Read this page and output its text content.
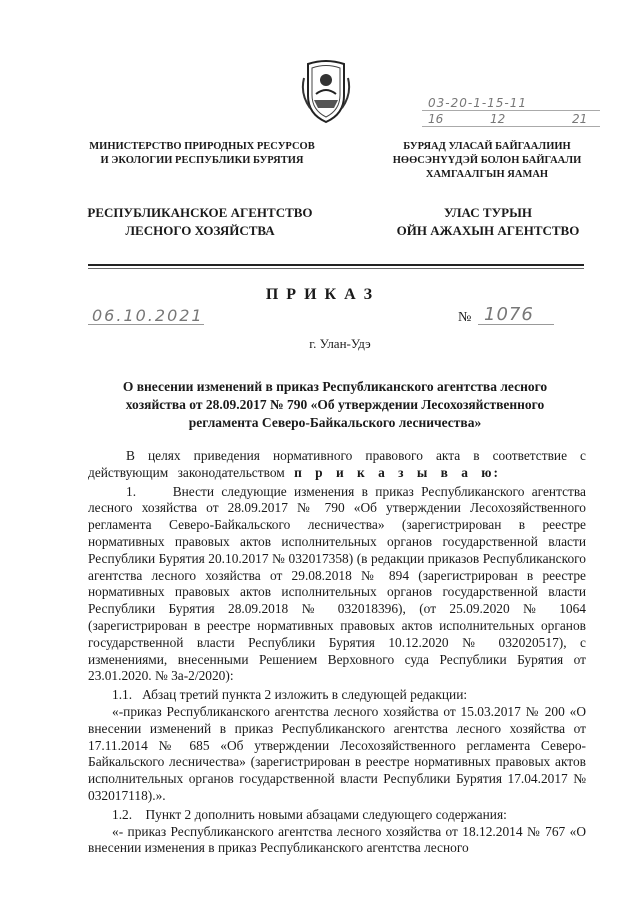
03-20-1-15-11
16	12	21
МИНИСТЕРСТВО ПРИРОДНЫХ РЕСУРСОВ
И ЭКОЛОГИИ РЕСПУБЛИКИ БУРЯТИЯ
БУРЯАД УЛАСАЙ БАЙГААЛИИН
НӨӨСЭНҮҮДЭЙ БОЛОН БАЙГААЛИ
ХАМГААЛГЫН ЯАМАН
РЕСПУБЛИКАНСКОЕ АГЕНТСТВО
ЛЕСНОГО ХОЗЯЙСТВА
УЛАС ТУРЫН
ОЙН АЖАХЫН АГЕНТСТВО
П Р И К А З
06.10.2021	№ 1076
г. Улан-Удэ
О внесении изменений в приказ Республиканского агентства лесного
хозяйства от 28.09.2017 № 790 «Об утверждении Лесохозяйственного
регламента Северо-Байкальского лесничества»

В целях приведения нормативного правового акта в соответствие с действующим законодательством п р и к а з ы в а ю:

1.     Внести следующие изменения в приказ Республиканского агентства лесного хозяйства от 28.09.2017 № 790 «Об утверждении Лесохозяйственного регламента Северо-Байкальского лесничества» (зарегистрирован в реестре нормативных правовых актов исполнительных органов государственной власти Республики Бурятия 20.10.2017 № 032017358) (в редакции приказов Республиканского агентства лесного хозяйства от 29.08.2018 № 894 (зарегистрирован в реестре нормативных правовых актов исполнительных органов государственной власти Республики Бурятия 28.09.2018 № 032018396), (от 25.09.2020 № 1064 (зарегистрирован в реестре нормативных правовых актов исполнительных органов государственной власти Республики Бурятия 10.12.2020 № 032020517), с изменениями, внесенными Решением Верховного суда Республики Бурятия от 23.01.2020. № 3а-2/2020):

1.1.   Абзац третий пункта 2 изложить в следующей редакции:

«-приказ Республиканского агентства лесного хозяйства от 15.03.2017 № 200 «О внесении изменений в приказ Республиканского агентства лесного хозяйства от 17.11.2014 № 685 «Об утверждении Лесохозяйственного регламента Северо-Байкальского лесничества» (зарегистрирован в реестре нормативных правовых актов исполнительных органов государственной власти Республики Бурятия 17.04.2017 № 032017118).».

1.2.    Пункт 2 дополнить новыми абзацами следующего содержания:

«- приказ Республиканского агентства лесного хозяйства от 18.12.2014 № 767 «О внесении изменения в приказ Республиканского агентства лесного
